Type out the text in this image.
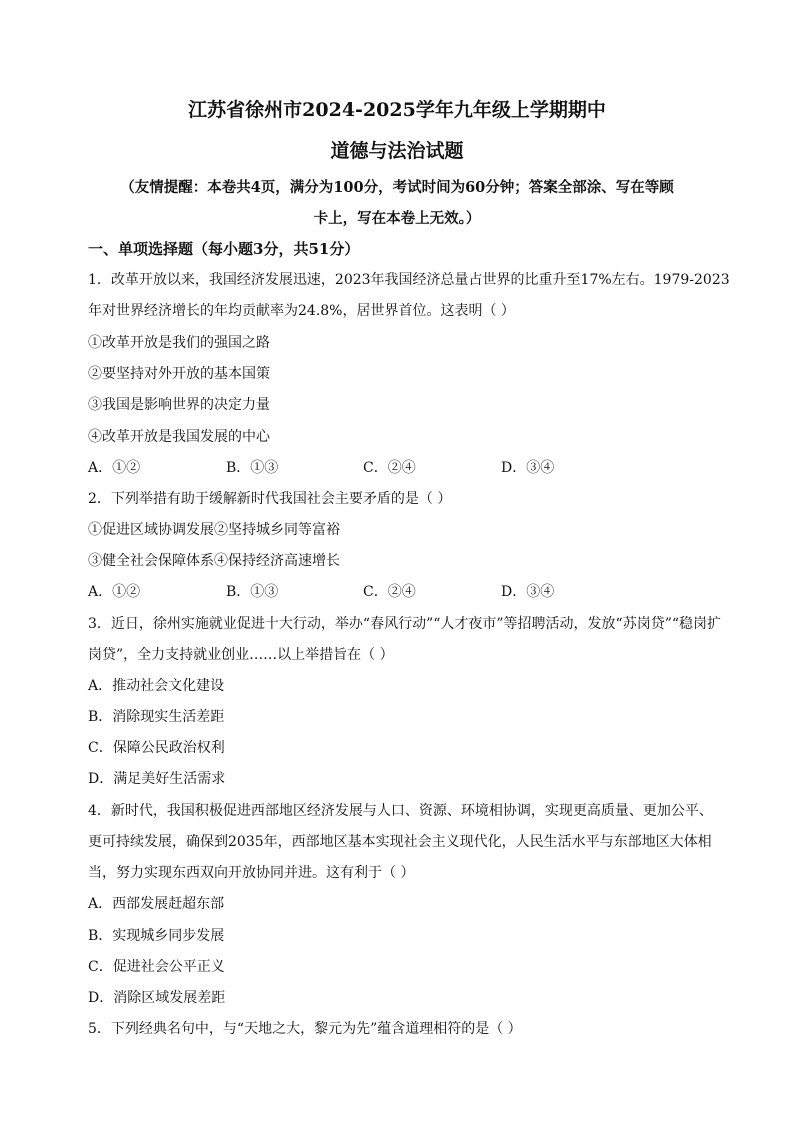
江苏省徐州市2024-2025学年九年级上学期期中
道德与法治试题
（友情提醒：本卷共4页，满分为100分，考试时间为60分钟；答案全部涂、写在等顾
卡上，写在本卷上无效。）
一、单项选择题（每小题3分，共51分）
1．改革开放以来，我国经济发展迅速，2023年我国经济总量占世界的比重升至17%左右。1979-2023
年对世界经济增长的年均贡献率为24.8%，居世界首位。这表明（ ）
①改革开放是我们的强国之路
②要坚持对外开放的基本国策
③我国是影响世界的决定力量
④改革开放是我国发展的中心
A．①②	B．①③	C．②④	D．③④
2．下列举措有助于缓解新时代我国社会主要矛盾的是（ ）
①促进区域协调发展②坚持城乡同等富裕
③健全社会保障体系④保持经济高速增长
A．①②	B．①③	C．②④	D．③④
3．近日，徐州实施就业促进十大行动，举办“春风行动”“人才夜市”等招聘活动，发放“苏岗贷”“稳岗扩
岗贷”，全力支持就业创业……以上举措旨在（ ）
A．推动社会文化建设
B．消除现实生活差距
C．保障公民政治权利
D．满足美好生活需求
4．新时代，我国积极促进西部地区经济发展与人口、资源、环境相协调，实现更高质量、更加公平、
更可持续发展，确保到2035年，西部地区基本实现社会主义现代化，人民生活水平与东部地区大体相
当，努力实现东西双向开放协同并进。这有利于（ ）
A．西部发展赶超东部
B．实现城乡同步发展
C．促进社会公平正义
D．消除区域发展差距
5．下列经典名句中，与“天地之大，黎元为先”蕴含道理相符的是（ ）
